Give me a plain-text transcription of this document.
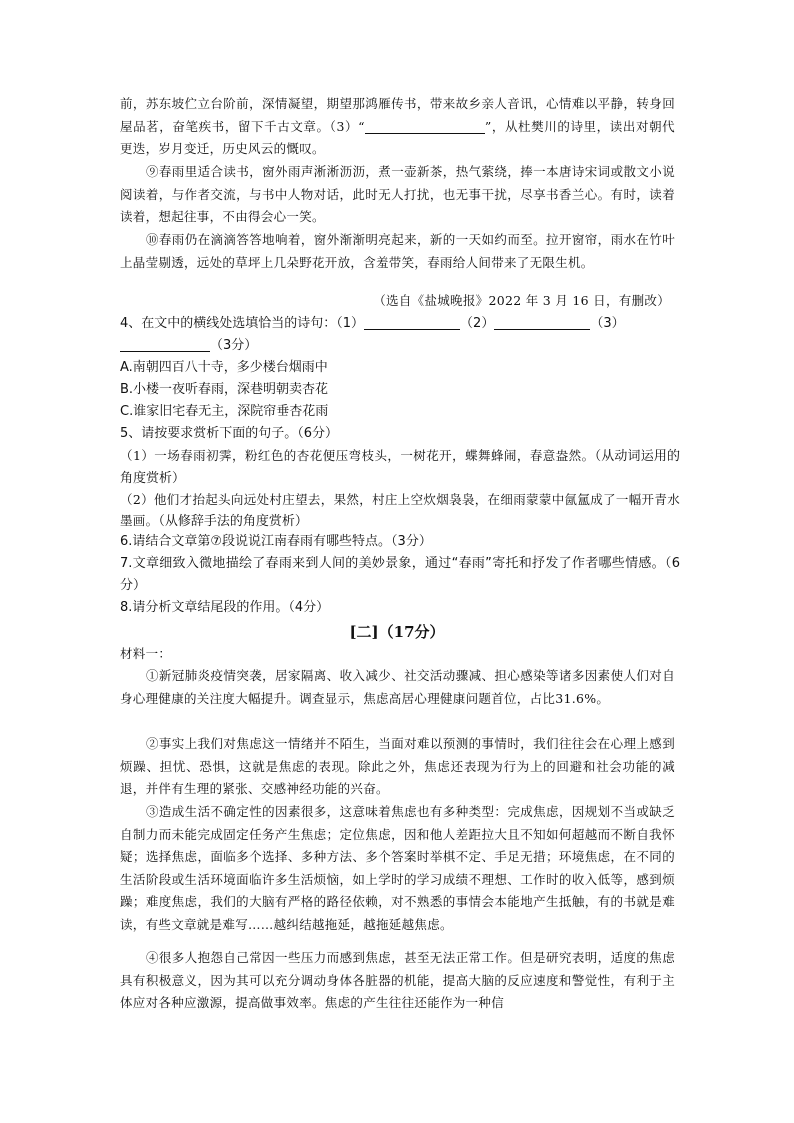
前，苏东坡伫立台阶前，深情凝望，期望那鸿雁传书，带来故乡亲人音讯，心情难以平静，转身回屋品茗，奋笔疾书，留下千古文章。（3）“	”，从杜樊川的诗里，读出对朝代更迭，岁月变迁，历史风云的慨叹。

⑨春雨里适合读书，窗外雨声淅淅沥沥，煮一壶新茶，热气萦绕，捧一本唐诗宋词或散文小说阅读着，与作者交流，与书中人物对话，此时无人打扰，也无事干扰，尽享书香兰心。有时，读着读着，想起往事，不由得会心一笑。

⑩春雨仍在滴滴答答地响着，窗外渐渐明亮起来，新的一天如约而至。拉开窗帘，雨水在竹叶上晶莹剔透，远处的草坪上几朵野花开放，含羞带笑，春雨给人间带来了无限生机。

（选自《盐城晚报》2022 年 3 月 16 日，有删改）
4、在文中的横线处选填恰当的诗句：（1）	（2）	（3）
（3分）
A.南朝四百八十寺，多少楼台烟雨中
B.小楼一夜听春雨，深巷明朝卖杏花
C.谁家旧宅春无主，深院帘垂杏花雨
5、请按要求赏析下面的句子。（6分）

（1）一场春雨初霁，粉红色的杏花便压弯枝头，一树花开，蝶舞蜂闹，春意盎然。（从动词运用的角度赏析）

（2）他们才抬起头向远处村庄望去，果然，村庄上空炊烟袅袅，在细雨蒙蒙中氤氲成了一幅开青水墨画。（从修辞手法的角度赏析）

6.请结合文章第⑦段说说江南春雨有哪些特点。（3分）

7.文章细致入微地描绘了春雨来到人间的美妙景象，通过“春雨”寄托和抒发了作者哪些情感。（6分）

8.请分析文章结尾段的作用。（4分）
[二]（17分）
材料一：

①新冠肺炎疫情突袭，居家隔离、收入减少、社交活动骤减、担心感染等诸多因素使人们对自身心理健康的关注度大幅提升。调查显示，焦虑高居心理健康问题首位，占比31.6%。

②事实上我们对焦虑这一情绪并不陌生，当面对难以预测的事情时，我们往往会在心理上感到烦躁、担忧、恐惧，这就是焦虑的表现。除此之外，焦虑还表现为行为上的回避和社会功能的减退，并伴有生理的紧张、交感神经功能的兴奋。

③造成生活不确定性的因素很多，这意味着焦虑也有多种类型：完成焦虑，因规划不当或缺乏自制力而未能完成固定任务产生焦虑；定位焦虑，因和他人差距拉大且不知如何超越而不断自我怀疑；选择焦虑，面临多个选择、多种方法、多个答案时举棋不定、手足无措；环境焦虑，在不同的生活阶段或生活环境面临许多生活烦恼，如上学时的学习成绩不理想、工作时的收入低等，感到烦躁；难度焦虑，我们的大脑有严格的路径依赖，对不熟悉的事情会本能地产生抵触，有的书就是难读，有些文章就是难写……越纠结越拖延，越拖延越焦虑。

④很多人抱怨自己常因一些压力而感到焦虑，甚至无法正常工作。但是研究表明，适度的焦虑具有积极意义，因为其可以充分调动身体各脏器的机能，提高大脑的反应速度和警觉性，有利于主体应对各种应激源，提高做事效率。焦虑的产生往往还能作为一种信
